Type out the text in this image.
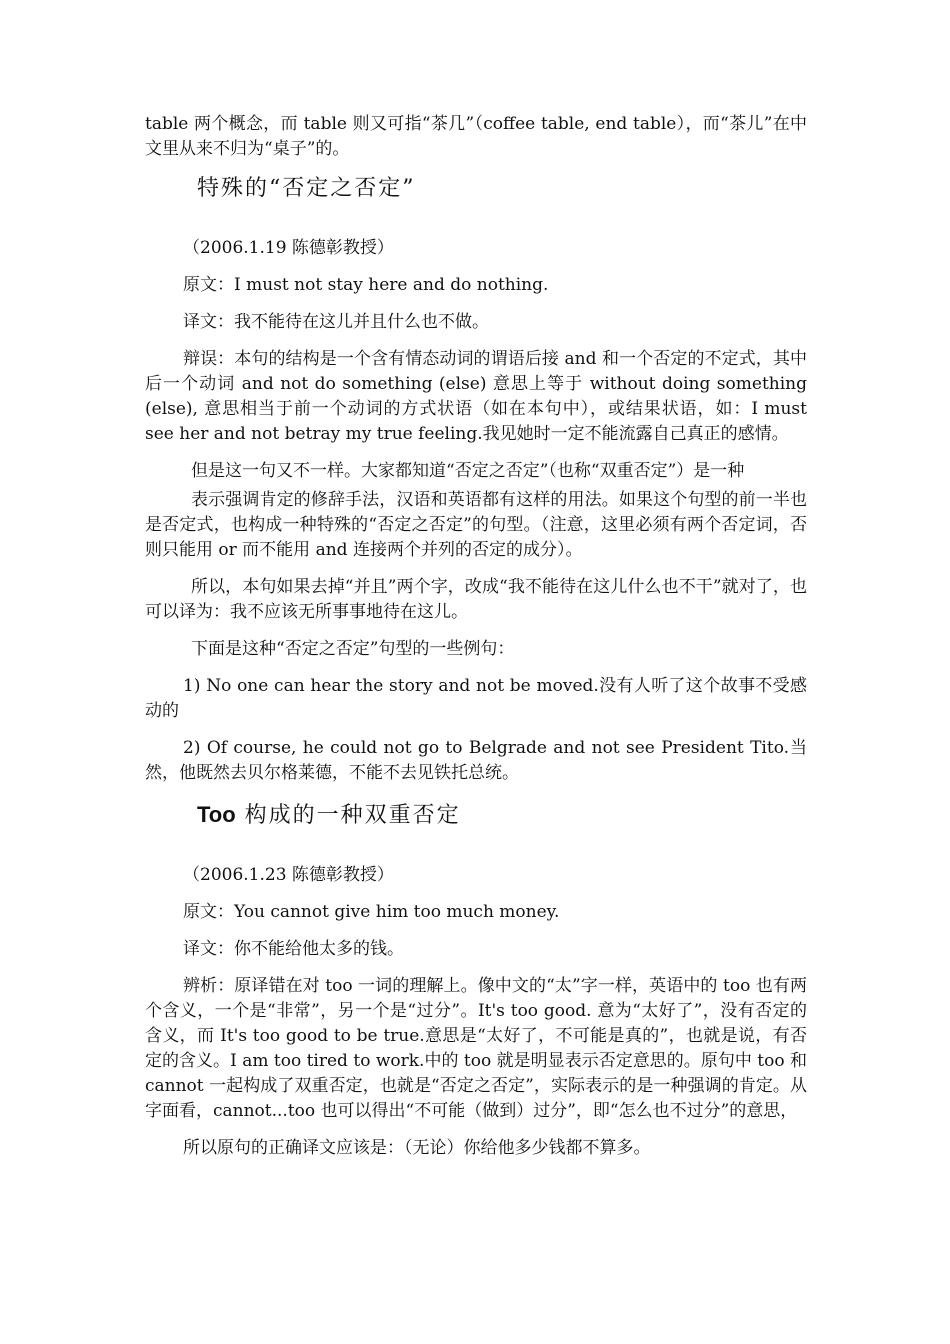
table 两个概念，而 table 则又可指“茶几”（coffee table, end table），而“茶儿”在中文里从来不归为“桌子”的。

特殊的“否定之否定”

（2006.1.19 陈德彰教授）

原文：I must not stay here and do nothing.

译文：我不能待在这儿并且什么也不做。

辩误：本句的结构是一个含有情态动词的谓语后接 and 和一个否定的不定式，其中后一个动词 and not do something (else) 意思上等于 without doing something (else), 意思相当于前一个动词的方式状语（如在本句中），或结果状语，如：I must see her and not betray my true feeling.我见她时一定不能流露自己真正的感情。

但是这一句又不一样。大家都知道“否定之否定”（也称“双重否定”）是一种

表示强调肯定的修辞手法，汉语和英语都有这样的用法。如果这个句型的前一半也是否定式，也构成一种特殊的“否定之否定”的句型。（注意，这里必须有两个否定词，否则只能用 or 而不能用 and 连接两个并列的否定的成分）。

所以，本句如果去掉“并且”两个字，改成“我不能待在这儿什么也不干”就对了，也可以译为：我不应该无所事事地待在这儿。

下面是这种“否定之否定”句型的一些例句：

1) No one can hear the story and not be moved.没有人听了这个故事不受感动的

2) Of course, he could not go to Belgrade and not see President Tito.当然，他既然去贝尔格莱德，不能不去见铁托总统。

Too 构成的一种双重否定

（2006.1.23 陈德彰教授）

原文：You cannot give him too much money.

译文：你不能给他太多的钱。

辨析：原译错在对 too 一词的理解上。像中文的“太”字一样，英语中的 too 也有两个含义，一个是“非常”，另一个是“过分”。It's too good. 意为“太好了”，没有否定的含义，而 It's too good to be true.意思是“太好了，不可能是真的”，也就是说，有否定的含义。I am too tired to work.中的 too 就是明显表示否定意思的。原句中 too 和 cannot 一起构成了双重否定，也就是“否定之否定”，实际表示的是一种强调的肯定。从字面看，cannot...too 也可以得出“不可能（做到）过分”，即“怎么也不过分”的意思，

所以原句的正确译文应该是：（无论）你给他多少钱都不算多。
